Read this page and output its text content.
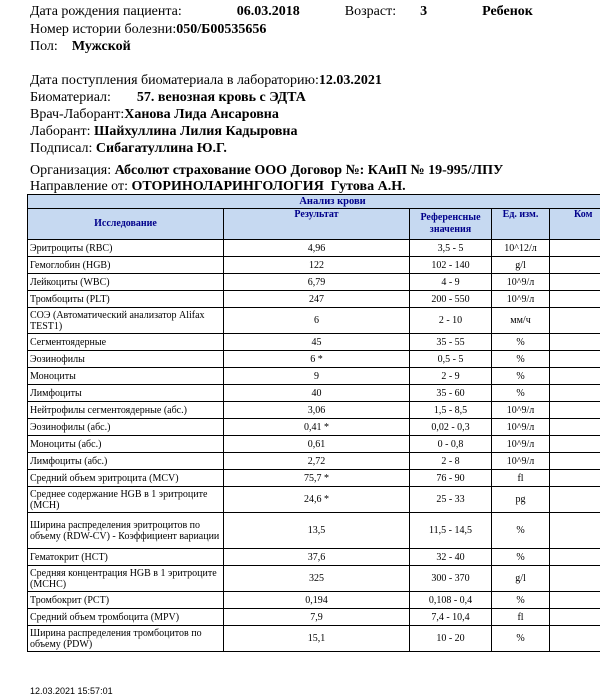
Дата рождения пациента:	06.03.2018	Возраст: 3	Ребенок
Номер истории болезни:050/Б00535656
Пол: Мужской
Дата поступления биоматериала в лабораторию:12.03.2021
Биоматериал: 57. венозная кровь с ЭДТА
Врач-Лаборант:Ханова Лида Ансаровна
Лаборант: Шайхуллина Лилия Кадыровна
Подписал: Сибагатуллина Ю.Г.
Организация: Абсолют страхование ООО Договор №: КАиП № 19-995/ЛПУ
Направление от: ОТОРИНОЛАРИНГОЛОГИЯ  Гутова А.Н.
Анализ крови				
Исследование	Результат	Референсные значения	Ед. изм.	Ком
Эритроциты (RBC)	4,96	3,5 - 5	10^12/л	
Гемоглобин (HGB)	122	102 - 140	g/l	
Лейкоциты (WBC)	6,79	4 - 9	10^9/л	
Тромбоциты (PLT)	247	200 - 550	10^9/л	
СОЭ (Автоматический анализатор Alifax TEST1)	6	2 - 10	мм/ч	
Сегментоядерные	45	35 - 55	%	
Эозинофилы	6 *	0,5 - 5	%	
Моноциты	9	2 - 9	%	
Лимфоциты	40	35 - 60	%	
Нейтрофилы сегментоядерные (абс.)	3,06	1,5 - 8,5	10^9/л	
Эозинофилы (абс.)	0,41 *	0,02 - 0,3	10^9/л	
Моноциты (абс.)	0,61	0 - 0,8	10^9/л	
Лимфоциты (абс.)	2,72	2 - 8	10^9/л	
Средний объем эритроцита (MCV)	75,7 *	76 - 90	fl	
Среднее содержание HGB в 1 эритроците (MCH)	24,6 *	25 - 33	pg	
Ширина распределения эритроцитов по объему (RDW-CV) - Коэффициент вариации	13,5	11,5 - 14,5	%	
Гематокрит (HCT)	37,6	32 - 40	%	
Средняя концентрация HGB в 1 эритроците (MCHC)	325	300 - 370	g/l	
Тромбокрит (PCT)	0,194	0,108 - 0,4	%	
Средний объем тромбоцита (MPV)	7,9	7,4 - 10,4	fl	
Ширина распределения тромбоцитов по объему (PDW)	15,1	10 - 20	%	
12.03.2021 15:57:01
